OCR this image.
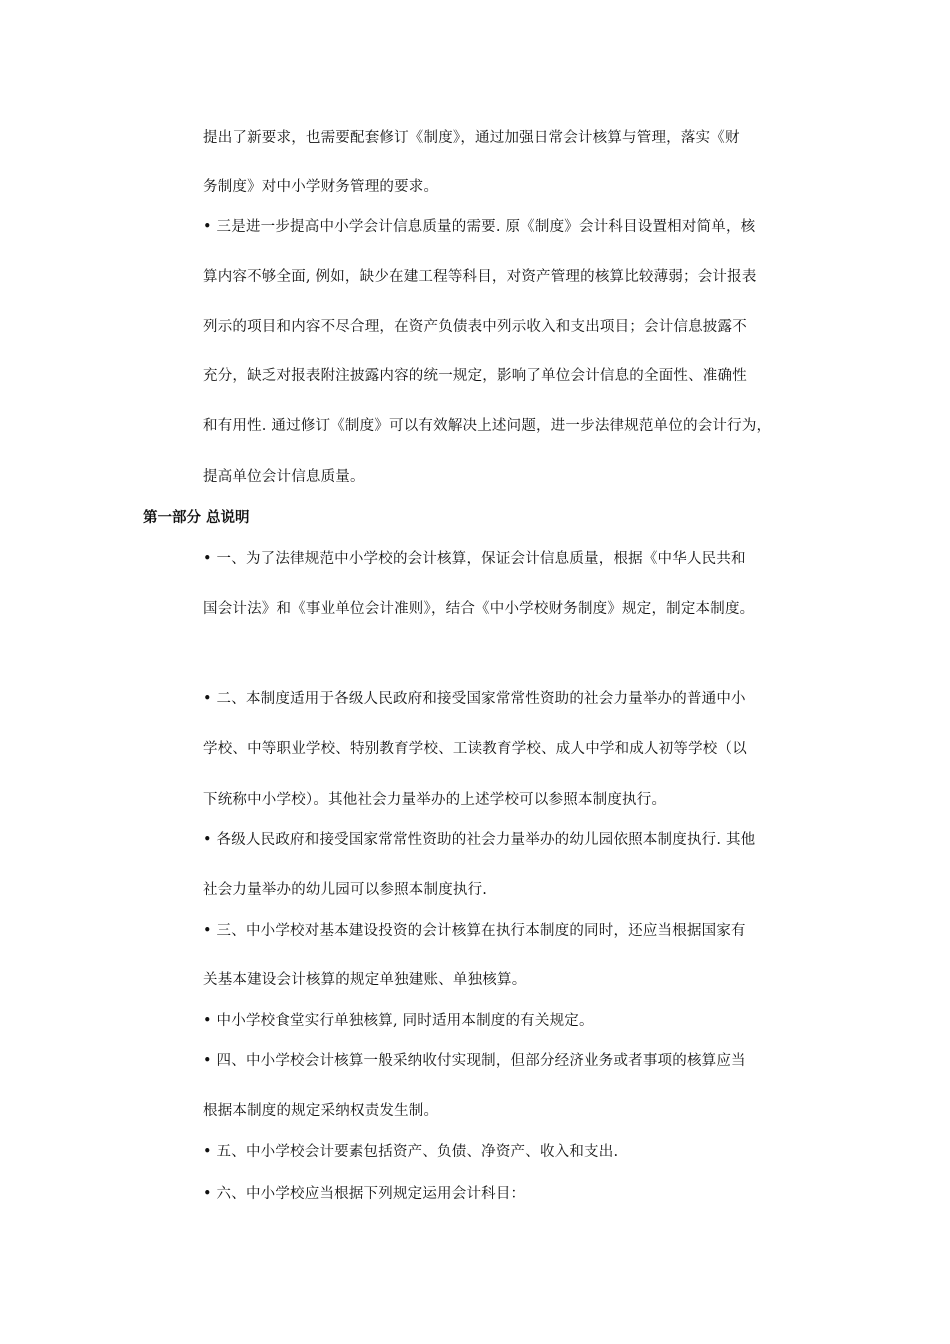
提出了新要求，也需要配套修订《制度》，通过加强日常会计核算与管理，落实《财
务制度》对中小学财务管理的要求。
• 三是进一步提高中小学会计信息质量的需要. 原《制度》会计科目设置相对简单，核
算内容不够全面, 例如，缺少在建工程等科目，对资产管理的核算比较薄弱；会计报表
列示的项目和内容不尽合理，在资产负债表中列示收入和支出项目；会计信息披露不
充分，缺乏对报表附注披露内容的统一规定，影响了单位会计信息的全面性、准确性
和有用性. 通过修订《制度》可以有效解决上述问题，进一步法律规范单位的会计行为，
提高单位会计信息质量。
第一部分 总说明
• 一、为了法律规范中小学校的会计核算，保证会计信息质量，根据《中华人民共和
国会计法》和《事业单位会计准则》，结合《中小学校财务制度》规定，制定本制度。
• 二、本制度适用于各级人民政府和接受国家常常性资助的社会力量举办的普通中小
学校、中等职业学校、特别教育学校、工读教育学校、成人中学和成人初等学校（以
下统称中小学校）。其他社会力量举办的上述学校可以参照本制度执行。
• 各级人民政府和接受国家常常性资助的社会力量举办的幼儿园依照本制度执行. 其他
社会力量举办的幼儿园可以参照本制度执行.
• 三、中小学校对基本建设投资的会计核算在执行本制度的同时，还应当根据国家有
关基本建设会计核算的规定单独建账、单独核算。
• 中小学校食堂实行单独核算, 同时适用本制度的有关规定。
• 四、中小学校会计核算一般采纳收付实现制，但部分经济业务或者事项的核算应当
根据本制度的规定采纳权责发生制。
• 五、中小学校会计要素包括资产、负债、净资产、收入和支出.
• 六、中小学校应当根据下列规定运用会计科目：
